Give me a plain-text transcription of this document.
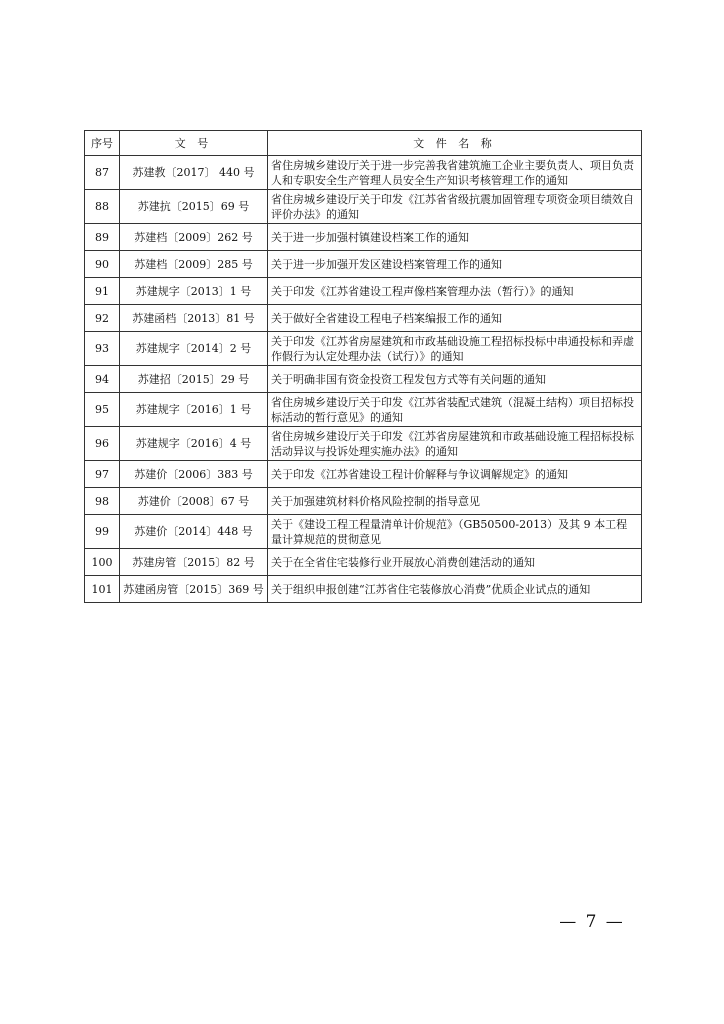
序号	文 号	文 件 名 称
87	苏建教〔2017〕 440 号	省住房城乡建设厅关于进一步完善我省建筑施工企业主要负责人、项目负责人和专职安全生产管理人员安全生产知识考核管理工作的通知
88	苏建抗〔2015〕69 号	省住房城乡建设厅关于印发《江苏省省级抗震加固管理专项资金项目绩效自评价办法》的通知
89	苏建档〔2009〕262 号	关于进一步加强村镇建设档案工作的通知
90	苏建档〔2009〕285 号	关于进一步加强开发区建设档案管理工作的通知
91	苏建规字〔2013〕1 号	关于印发《江苏省建设工程声像档案管理办法（暂行）》的通知
92	苏建函档〔2013〕81 号	关于做好全省建设工程电子档案编报工作的通知
93	苏建规字〔2014〕2 号	关于印发《江苏省房屋建筑和市政基础设施工程招标投标中串通投标和弄虚作假行为认定处理办法（试行）》的通知
94	苏建招〔2015〕29 号	关于明确非国有资金投资工程发包方式等有关问题的通知
95	苏建规字〔2016〕1 号	省住房城乡建设厅关于印发《江苏省装配式建筑（混凝土结构）项目招标投标活动的暂行意见》的通知
96	苏建规字〔2016〕4 号	省住房城乡建设厅关于印发《江苏省房屋建筑和市政基础设施工程招标投标活动异议与投诉处理实施办法》的通知
97	苏建价〔2006〕383 号	关于印发《江苏省建设工程计价解释与争议调解规定》的通知
98	苏建价〔2008〕67 号	关于加强建筑材料价格风险控制的指导意见
99	苏建价〔2014〕448 号	关于《建设工程工程量清单计价规范》（GB50500-2013）及其 9 本工程量计算规范的贯彻意见
100	苏建房管〔2015〕82 号	关于在全省住宅装修行业开展放心消费创建活动的通知
101	苏建函房管〔2015〕369 号	关于组织申报创建“江苏省住宅装修放心消费”优质企业试点的通知
— 7 —
